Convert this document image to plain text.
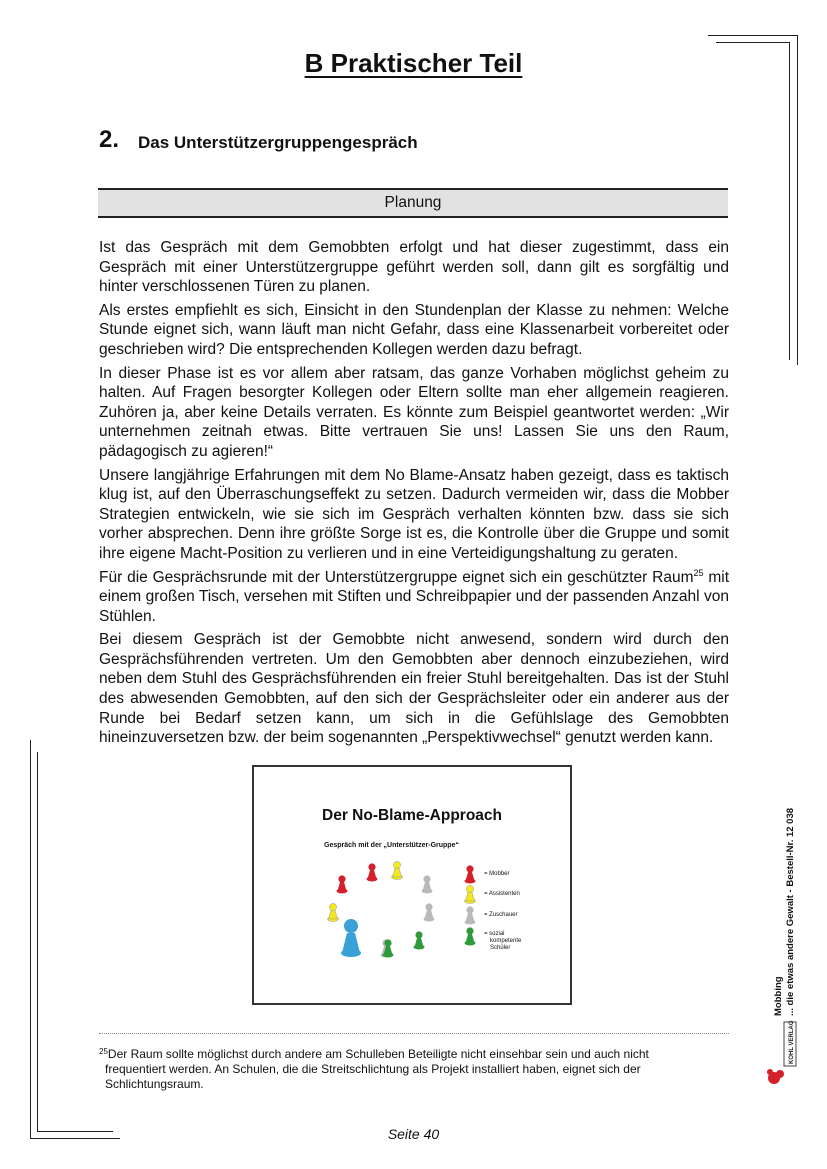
B Praktischer Teil
2. Das Unterstützergruppengespräch
Planung

Ist das Gespräch mit dem Gemobbten erfolgt und hat dieser zugestimmt, dass ein Gespräch mit einer Unterstützergruppe geführt werden soll, dann gilt es sorgfältig und hinter verschlossenen Türen zu planen.

Als erstes empfiehlt es sich, Einsicht in den Stundenplan der Klasse zu nehmen: Welche Stunde eignet sich, wann läuft man nicht Gefahr, dass eine Klassenarbeit vorbereitet oder geschrieben wird? Die entsprechenden Kollegen werden dazu befragt.

In dieser Phase ist es vor allem aber ratsam, das ganze Vorhaben möglichst geheim zu halten. Auf Fragen besorgter Kollegen oder Eltern sollte man eher allgemein reagieren. Zuhören ja, aber keine Details verraten. Es könnte zum Beispiel geantwortet werden: „Wir unternehmen zeitnah etwas. Bitte vertrauen Sie uns! Lassen Sie uns den Raum, pädagogisch zu agieren!“

Unsere langjährige Erfahrungen mit dem No Blame-Ansatz haben gezeigt, dass es taktisch klug ist, auf den Überraschungseffekt zu setzen. Dadurch vermeiden wir, dass die Mobber Strategien entwickeln, wie sie sich im Gespräch verhalten könnten bzw. dass sie sich vorher absprechen. Denn ihre größte Sorge ist es, die Kontrolle über die Gruppe und somit ihre eigene Macht-Position zu verlieren und in eine Verteidigungshaltung zu geraten.

Für die Gesprächsrunde mit der Unterstützergruppe eignet sich ein geschützter Raum$^{25}$ mit einem großen Tisch, versehen mit Stiften und Schreibpapier und der passenden Anzahl von Stühlen.

Bei diesem Gespräch ist der Gemobbte nicht anwesend, sondern wird durch den Gesprächsführenden vertreten. Um den Gemobbten aber dennoch einzubeziehen, wird neben dem Stuhl des Gesprächsführenden ein freier Stuhl bereitgehalten. Das ist der Stuhl des abwesenden Gemobbten, auf den sich der Gesprächsleiter oder ein anderer aus der Runde bei Bedarf setzen kann, um sich in die Gefühlslage des Gemobbten hineinzuversetzen bzw. der beim sogenannten „Perspektivwechsel“ genutzt werden kann.

Der No-Blame-Approach
Gespräch mit der „Unterstützer-Gruppe“
= Mobber
= Assistenten
= Zuschauer
= sozial
kompetente
Schüler
Mobbing ... die etwas andere Gewalt - Bestell-Nr. 12 038
KOHL VERLAG
$^{25}$Der Raum sollte möglichst durch andere am Schulleben Beteiligte nicht einsehbar sein und auch nicht
frequentiert werden. An Schulen, die die Streitschlichtung als Projekt installiert haben, eignet sich der
Schlichtungsraum.
Seite 40
